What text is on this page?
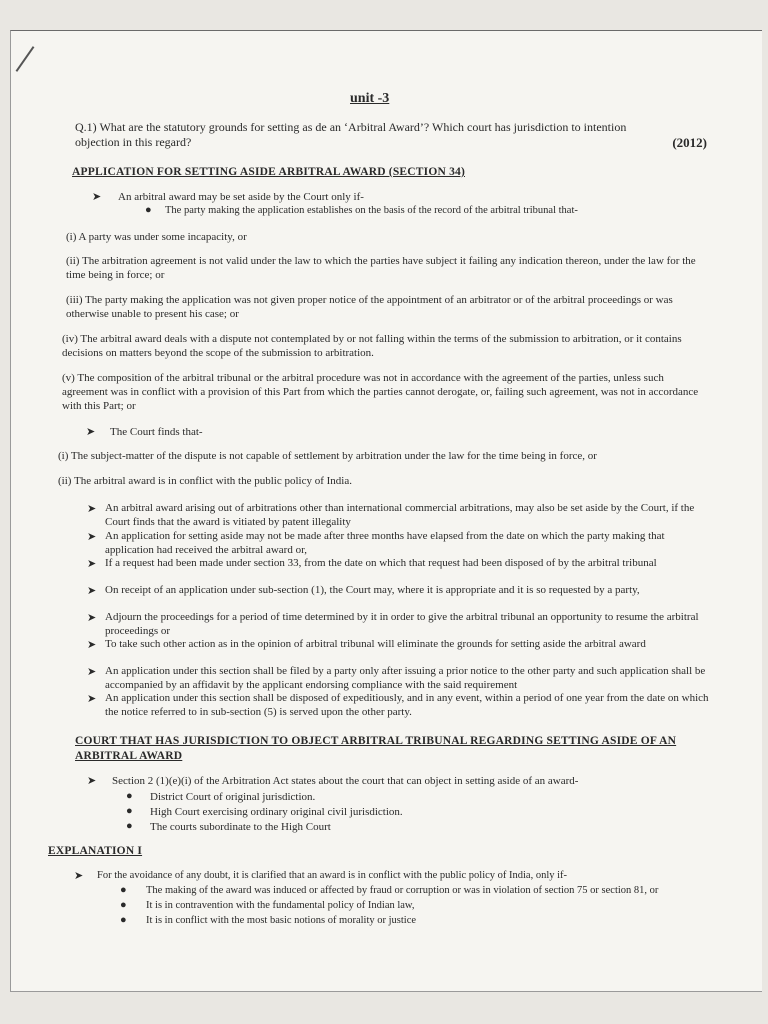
unit -3
(2012)
Q.1) What are the statutory grounds for setting as de an ‘Arbitral Award’? Which court has jurisdiction to intention objection in this regard?
APPLICATION FOR SETTING ASIDE ARBITRAL AWARD (SECTION 34)
➤ An arbitral award may be set aside by the Court only if-
● The party making the application establishes on the basis of the record of the arbitral tribunal that-
(i) A party was under some incapacity, or
(ii) The arbitration agreement is not valid under the law to which the parties have subject it failing any indication thereon, under the law for the time being in force; or
(iii) The party making the application was not given proper notice of the appointment of an arbitrator or of the arbitral proceedings or was otherwise unable to present his case; or
(iv) The arbitral award deals with a dispute not contemplated by or not falling within the terms of the submission to arbitration, or it contains decisions on matters beyond the scope of the submission to arbitration.
(v) The composition of the arbitral tribunal or the arbitral procedure was not in accordance with the agreement of the parties, unless such agreement was in conflict with a provision of this Part from which the parties cannot derogate, or, failing such agreement, was not in accordance with this Part; or
➤ The Court finds that-
(i) The subject-matter of the dispute is not capable of settlement by arbitration under the law for the time being in force, or
(ii) The arbitral award is in conflict with the public policy of India.
➤ An arbitral award arising out of arbitrations other than international commercial arbitrations, may also be set aside by the Court, if the Court finds that the award is vitiated by patent illegality
➤ An application for setting aside may not be made after three months have elapsed from the date on which the party making that application had received the arbitral award or,
➤ If a request had been made under section 33, from the date on which that request had been disposed of by the arbitral tribunal
➤ On receipt of an application under sub-section (1), the Court may, where it is appropriate and it is so requested by a party,
➤ Adjourn the proceedings for a period of time determined by it in order to give the arbitral tribunal an opportunity to resume the arbitral proceedings or
➤ To take such other action as in the opinion of arbitral tribunal will eliminate the grounds for setting aside the arbitral award
➤ An application under this section shall be filed by a party only after issuing a prior notice to the other party and such application shall be accompanied by an affidavit by the applicant endorsing compliance with the said requirement
➤ An application under this section shall be disposed of expeditiously, and in any event, within a period of one year from the date on which the notice referred to in sub-section (5) is served upon the other party.
COURT THAT HAS JURISDICTION TO OBJECT ARBITRAL TRIBUNAL REGARDING SETTING ASIDE OF AN ARBITRAL AWARD
➤ Section 2 (1)(e)(i) of the Arbitration Act states about the court that can object in setting aside of an award-
● District Court of original jurisdiction.
● High Court exercising ordinary original civil jurisdiction.
● The courts subordinate to the High Court
EXPLANATION I
➤ For the avoidance of any doubt, it is clarified that an award is in conflict with the public policy of India, only if-
● The making of the award was induced or affected by fraud or corruption or was in violation of section 75 or section 81, or
● It is in contravention with the fundamental policy of Indian law,
● It is in conflict with the most basic notions of morality or justice
